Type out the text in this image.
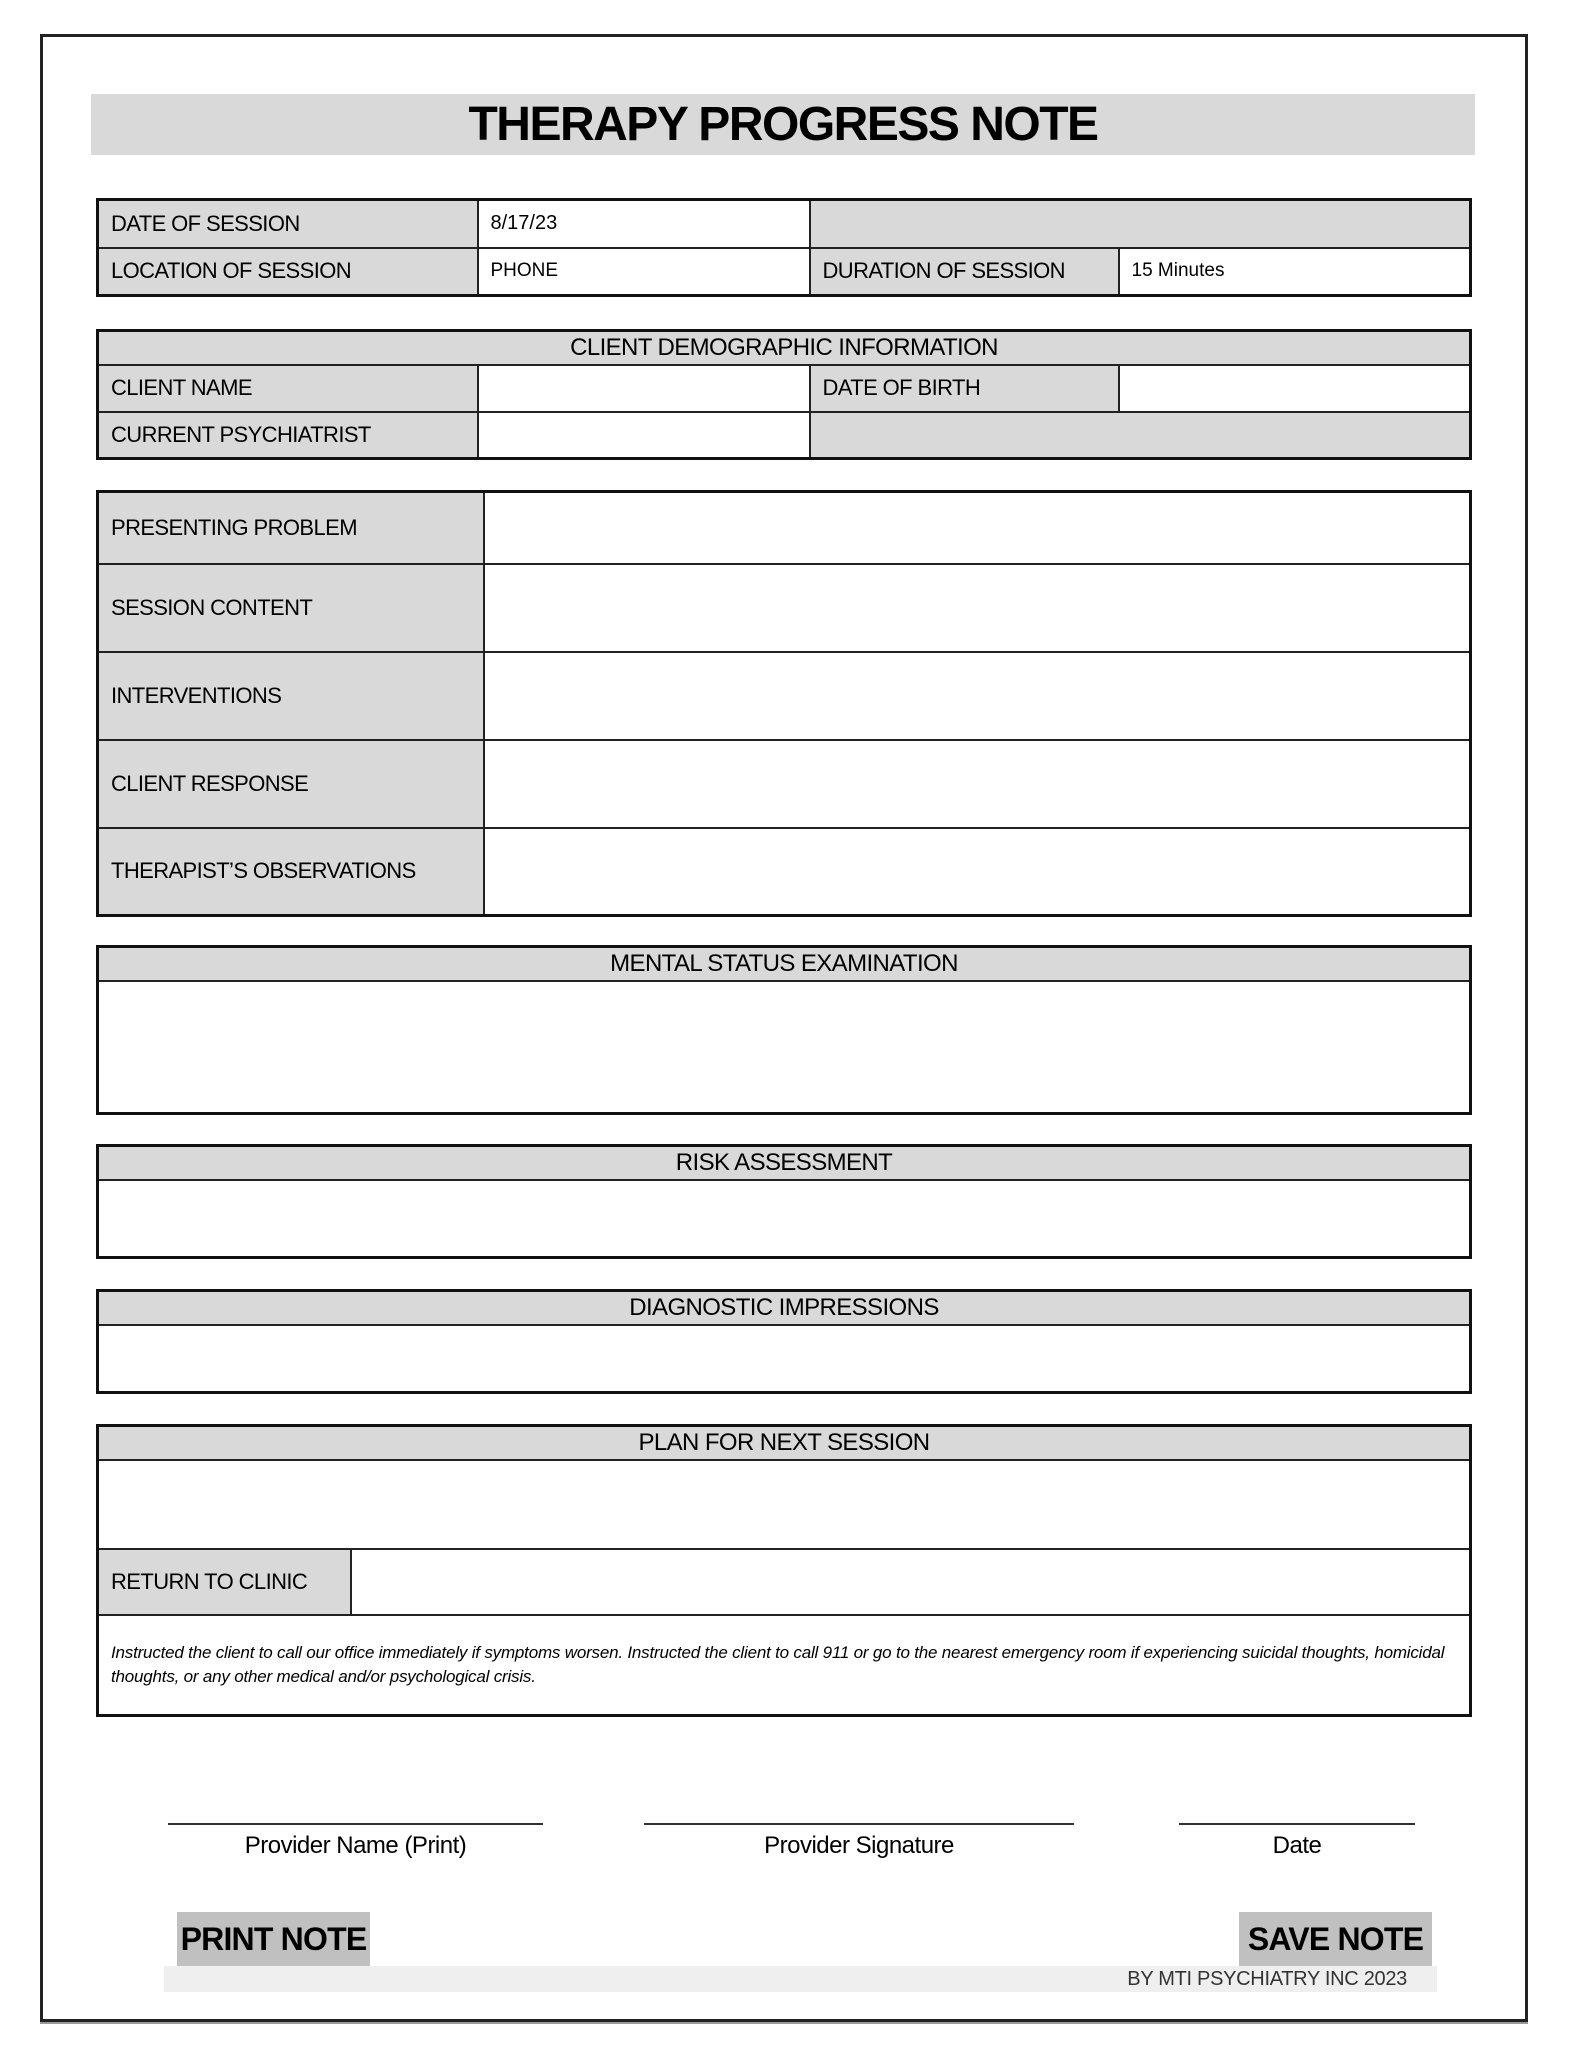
THERAPY PROGRESS NOTE
DATE OF SESSION	8/17/23		
LOCATION OF SESSION	PHONE	DURATION OF SESSION	15 Minutes
CLIENT DEMOGRAPHIC INFORMATION			
CLIENT NAME		DATE OF BIRTH	
CURRENT PSYCHIATRIST			
PRESENTING PROBLEM	
SESSION CONTENT	
INTERVENTIONS	
CLIENT RESPONSE	
THERAPIST’S OBSERVATIONS	
MENTAL STATUS EXAMINATION

RISK ASSESSMENT

DIAGNOSTIC IMPRESSIONS

PLAN FOR NEXT SESSION

RETURN TO CLINIC	
Instructed the client to call our office immediately if symptoms worsen. Instructed the client to call 911 or go to the nearest emergency room if experiencing suicidal thoughts, homicidal thoughts, or any other medical and/or psychological crisis.
Provider Name (Print)	Provider Signature	Date
BY MTI PSYCHIATRY INC 2023
PRINT NOTE	SAVE NOTE
